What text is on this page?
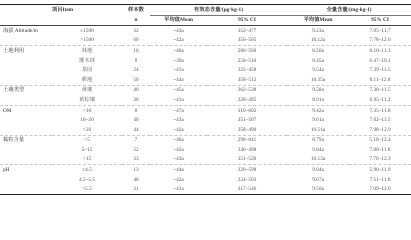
项目Item		样本数	有效态含量/(μg·kg-1)		全量含量/(mg·kg-1)	
		n	平均值Mean	95% CI	平均值Mean	95% CI
海拔 Altitude/m	≤1500	32	~43a	352–477	9.23a	7.05–11.7
	>1500	60	~42a	356–505	10.12a	7.78–12.6
土地利用	林地	10	~40a	280–560	8.50a	6.10–11.3
	灌木林	8	~39a	258–510	8.45a	6.47–10.1
	茶园	24	~41a	325–458	9.54a	7.39–11.5
	耕地	50	~44a	358–512	10.35a	8.11–12.8
土壤类型	黄壤	40	~45a	362–538	9.58a	7.38–11.5
	黄棕壤	30	~41a	328–495	8.91a	6.95–11.2
OM	<10	8	~47a	310–602	9.42a	7.35–11.8
	10~20	40	~43a	351–507	9.61a	7.02–11.5
	>20	44	~42a	358–490	10.51a	7.98–12.9
黏粒含量	<5	7	~46a	290–641	8.79a	5.18–12.4
	5~15	52	~42a	340–498	9.84a	7.08–11.8
	>15	33	~43a	351–520	10.13a	7.70–12.3
pH	≤4.5	13	~44a	320–598	9.04a	5.90–11.9
	4.5~5.5	48	~42a	334–503	9.67a	7.51–11.8
	>5.5	31	~41a	317–546	9.50a	7.09–12.0
